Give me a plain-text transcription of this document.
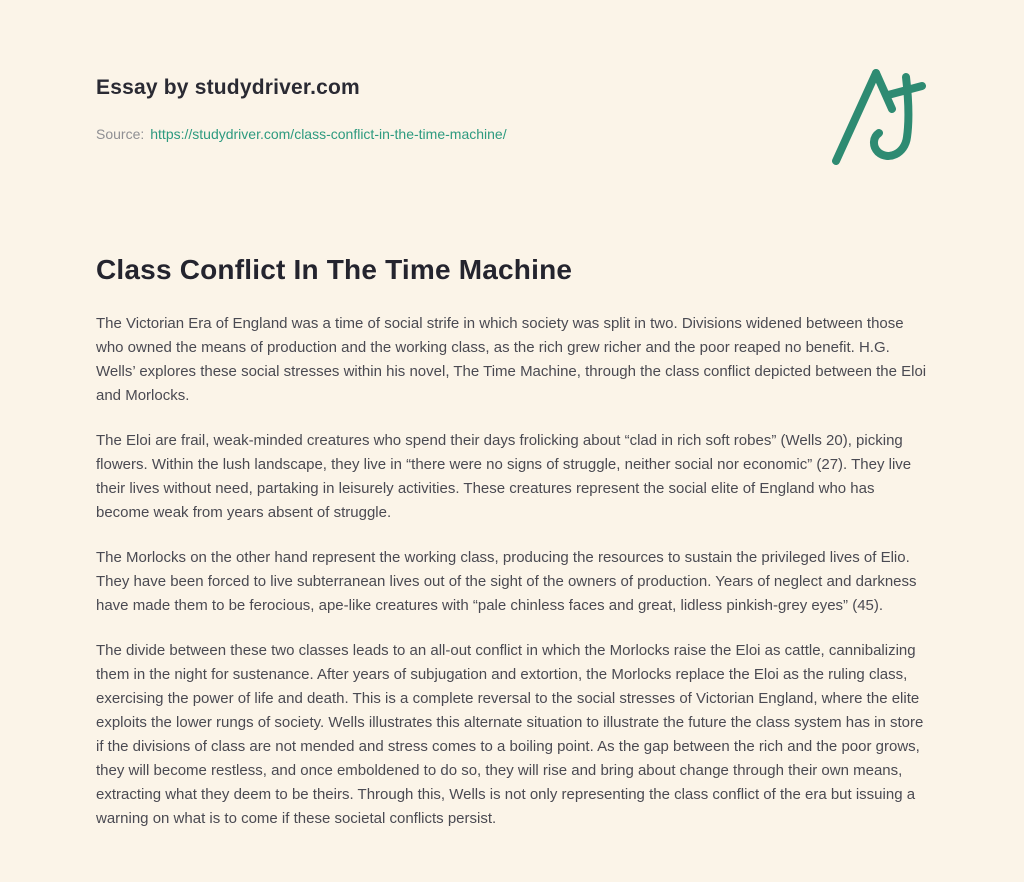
Essay by studydriver.com
Source: https://studydriver.com/class-conflict-in-the-time-machine/
Class Conflict In The Time Machine

The Victorian Era of England was a time of social strife in which society was split in two. Divisions widened between those who owned the means of production and the working class, as the rich grew richer and the poor reaped no benefit. H.G. Wells’ explores these social stresses within his novel, The Time Machine, through the class conflict depicted between the Eloi and Morlocks.

The Eloi are frail, weak-minded creatures who spend their days frolicking about “clad in rich soft robes” (Wells 20), picking flowers. Within the lush landscape, they live in “there were no signs of struggle, neither social nor economic” (27). They live their lives without need, partaking in leisurely activities. These creatures represent the social elite of England who has become weak from years absent of struggle.

The Morlocks on the other hand represent the working class, producing the resources to sustain the privileged lives of Elio. They have been forced to live subterranean lives out of the sight of the owners of production. Years of neglect and darkness have made them to be ferocious, ape-like creatures with “pale chinless faces and great, lidless pinkish-grey eyes” (45).

The divide between these two classes leads to an all-out conflict in which the Morlocks raise the Eloi as cattle, cannibalizing them in the night for sustenance. After years of subjugation and extortion, the Morlocks replace the Eloi as the ruling class, exercising the power of life and death. This is a complete reversal to the social stresses of Victorian England, where the elite exploits the lower rungs of society. Wells illustrates this alternate situation to illustrate the future the class system has in store if the divisions of class are not mended and stress comes to a boiling point. As the gap between the rich and the poor grows, they will become restless, and once emboldened to do so, they will rise and bring about change through their own means, extracting what they deem to be theirs. Through this, Wells is not only representing the class conflict of the era but issuing a warning on what is to come if these societal conflicts persist.
